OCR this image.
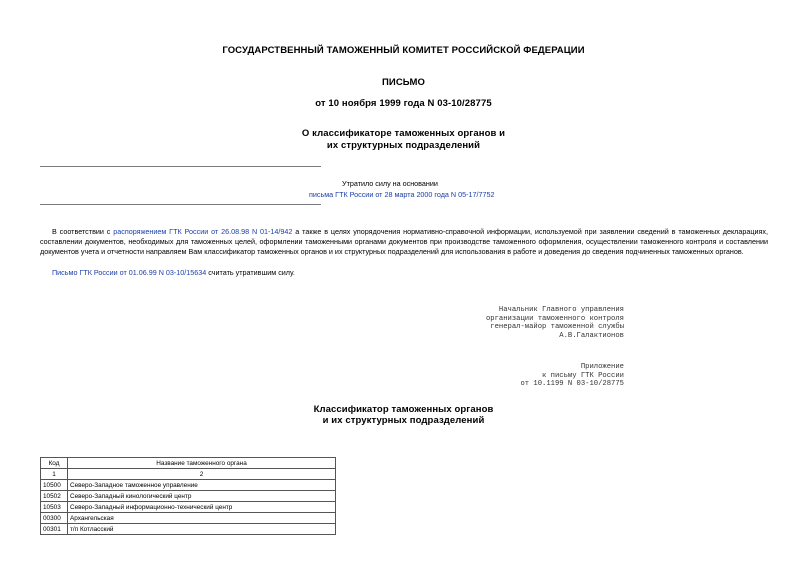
ГОСУДАРСТВЕННЫЙ ТАМОЖЕННЫЙ КОМИТЕТ РОССИЙСКОЙ ФЕДЕРАЦИИ
ПИСЬМО
от 10 ноября 1999 года N 03-10/28775
О классификаторе таможенных органов и
их структурных подразделений
Утратило силу на основании
письма ГТК России от 28 марта 2000 года N 05-17/7752
В соответствии с распоряжением ГТК России от 26.08.98 N 01-14/942 а также в целях упорядочения нормативно-справочной информации, используемой при заявлении сведений в таможенных декларациях, составлении документов, необходимых для таможенных целей, оформлении таможенными органами документов при производстве таможенного оформления, осуществлении таможенного контроля и составлении документов учета и отчетности направляем Вам классификатор таможенных органов и их структурных подразделений для использования в работе и доведения до сведения подчиненных таможенных органов.
Письмо ГТК России от 01.06.99 N 03-10/15634 считать утратившим силу.
Начальник Главного управления
организации таможенного контроля
генерал-майор таможенной службы
А.В.Галактионов
Приложение
к письму ГТК России
от 10.1199 N 03-10/28775
Классификатор таможенных органов
и их структурных подразделений
Код	Название таможенного органа
1	2
10500	Северо-Западное таможенное управление
10502	Северо-Западный кинологический центр
10503	Северо-Западный информационно-технический центр
00300	Архангельская
00301	т/п Котласский
